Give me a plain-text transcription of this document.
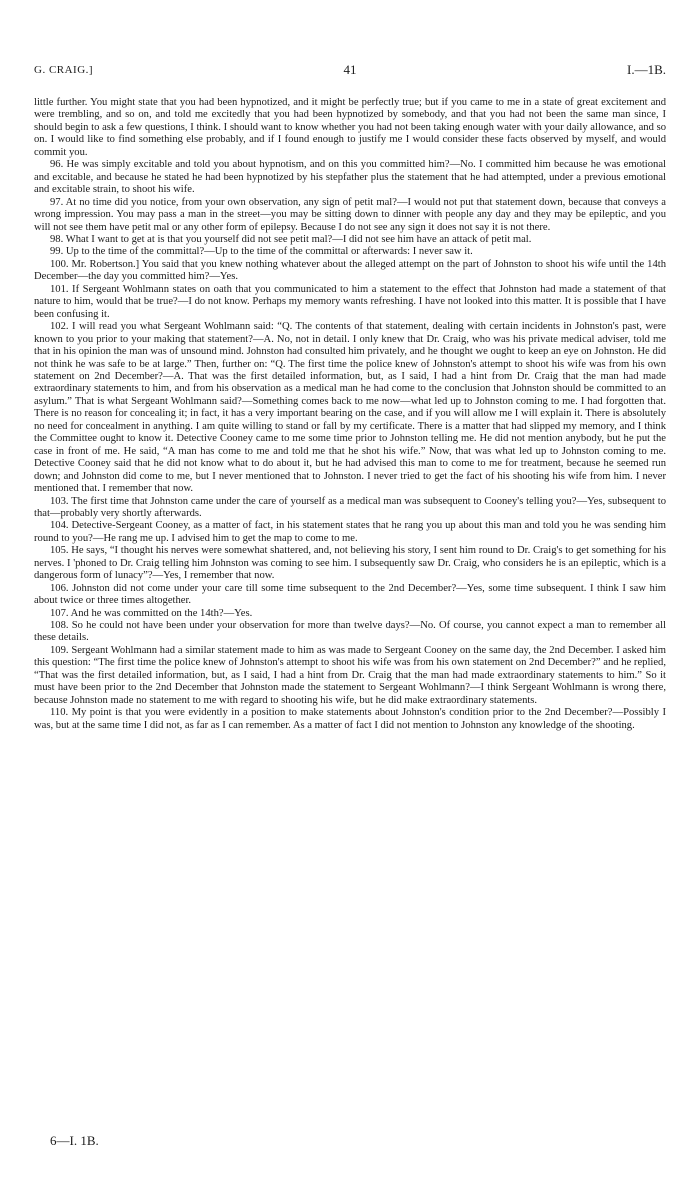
G. CRAIG.]	41	I.—1B.

little further. You might state that you had been hypnotized, and it might be perfectly true; but if you came to me in a state of great excitement and were trembling, and so on, and told me excitedly that you had been hypnotized by somebody, and that you had not been the same man since, I should begin to ask a few questions, I think. I should want to know whether you had not been taking enough water with your daily allowance, and so on. I would like to find something else probably, and if I found enough to justify me I would consider these facts observed by myself, and would commit you.

96. He was simply excitable and told you about hypnotism, and on this you committed him?—No. I committed him because he was emotional and excitable, and because he stated he had been hypnotized by his stepfather plus the statement that he had attempted, under a previous emotional and excitable strain, to shoot his wife.

97. At no time did you notice, from your own observation, any sign of petit mal?—I would not put that statement down, because that conveys a wrong impression. You may pass a man in the street—you may be sitting down to dinner with people any day and they may be epileptic, and you will not see them have petit mal or any other form of epilepsy. Because I do not see any sign it does not say it is not there.

98. What I want to get at is that you yourself did not see petit mal?—I did not see him have an attack of petit mal.

99. Up to the time of the committal?—Up to the time of the committal or afterwards: I never saw it.

100. Mr. Robertson.] You said that you knew nothing whatever about the alleged attempt on the part of Johnston to shoot his wife until the 14th December—the day you committed him?—Yes.

101. If Sergeant Wohlmann states on oath that you communicated to him a statement to the effect that Johnston had made a statement of that nature to him, would that be true?—I do not know. Perhaps my memory wants refreshing. I have not looked into this matter. It is possible that I have been confusing it.

102. I will read you what Sergeant Wohlmann said: “Q. The contents of that statement, dealing with certain incidents in Johnston's past, were known to you prior to your making that statement?—A. No, not in detail. I only knew that Dr. Craig, who was his private medical adviser, told me that in his opinion the man was of unsound mind. Johnston had consulted him privately, and he thought we ought to keep an eye on Johnston. He did not think he was safe to be at large.” Then, further on: “Q. The first time the police knew of Johnston's attempt to shoot his wife was from his own statement on 2nd December?—A. That was the first detailed information, but, as I said, I had a hint from Dr. Craig that the man had made extraordinary statements to him, and from his observation as a medical man he had come to the conclusion that Johnston should be committed to an asylum.” That is what Sergeant Wohlmann said?—Something comes back to me now—what led up to Johnston coming to me. I had forgotten that. There is no reason for concealing it; in fact, it has a very important bearing on the case, and if you will allow me I will explain it. There is absolutely no need for concealment in anything. I am quite willing to stand or fall by my certificate. There is a matter that had slipped my memory, and I think the Committee ought to know it. Detective Cooney came to me some time prior to Johnston telling me. He did not mention anybody, but he put the case in front of me. He said, “A man has come to me and told me that he shot his wife.” Now, that was what led up to Johnston coming to me. Detective Cooney said that he did not know what to do about it, but he had advised this man to come to me for treatment, because he seemed run down; and Johnston did come to me, but I never mentioned that to Johnston. I never tried to get the fact of his shooting his wife from him. I never mentioned that. I remember that now.

103. The first time that Johnston came under the care of yourself as a medical man was subsequent to Cooney's telling you?—Yes, subsequent to that—probably very shortly afterwards.

104. Detective-Sergeant Cooney, as a matter of fact, in his statement states that he rang you up about this man and told you he was sending him round to you?—He rang me up. I advised him to get the map to come to me.

105. He says, “I thought his nerves were somewhat shattered, and, not believing his story, I sent him round to Dr. Craig's to get something for his nerves. I 'phoned to Dr. Craig telling him Johnston was coming to see him. I subsequently saw Dr. Craig, who considers he is an epileptic, which is a dangerous form of lunacy”?—Yes, I remember that now.

106. Johnston did not come under your care till some time subsequent to the 2nd December?—Yes, some time subsequent. I think I saw him about twice or three times altogether.

107. And he was committed on the 14th?—Yes.

108. So he could not have been under your observation for more than twelve days?—No. Of course, you cannot expect a man to remember all these details.

109. Sergeant Wohlmann had a similar statement made to him as was made to Sergeant Cooney on the same day, the 2nd December. I asked him this question: “The first time the police knew of Johnston's attempt to shoot his wife was from his own statement on 2nd December?” and he replied, “That was the first detailed information, but, as I said, I had a hint from Dr. Craig that the man had made extraordinary statements to him.” So it must have been prior to the 2nd December that Johnston made the statement to Sergeant Wohlmann?—I think Sergeant Wohlmann is wrong there, because Johnston made no statement to me with regard to shooting his wife, but he did make extraordinary statements.

110. My point is that you were evidently in a position to make statements about Johnston's condition prior to the 2nd December?—Possibly I was, but at the same time I did not, as far as I can remember. As a matter of fact I did not mention to Johnston any knowledge of the shooting.

6—I. 1B.
